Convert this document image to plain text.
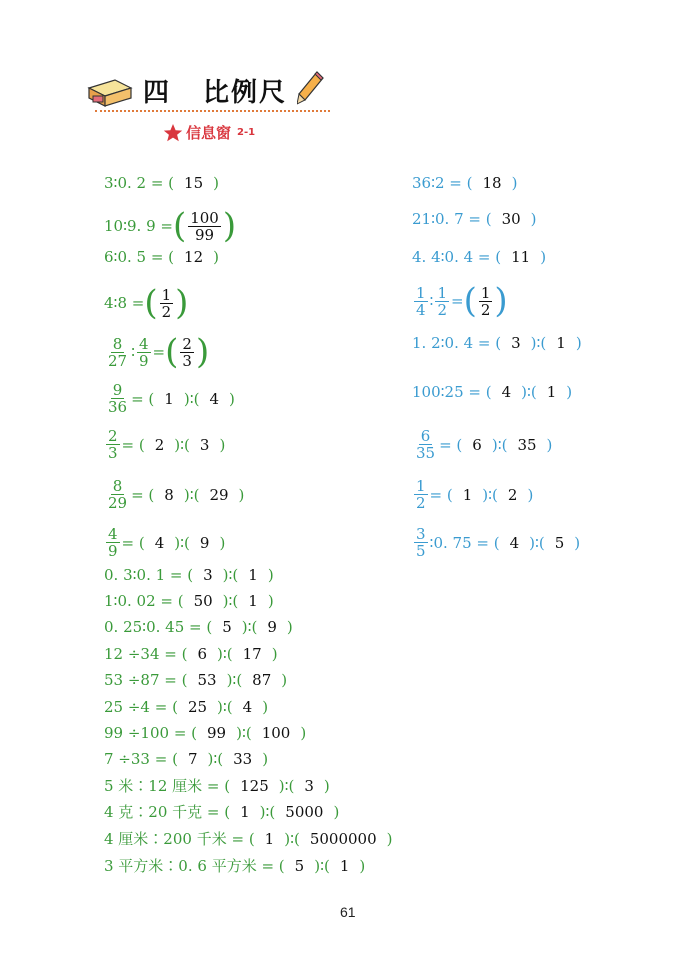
四 比例尺
信息窗 2-1
3∶0. 2 = ( 15 )
10∶9. 9 = ( $\frac{100}{99}$ )
6∶0. 5 = ( 12 )
4∶8 = ( $\frac{1}{2}$ )
$\frac{8}{27}$ ∶ $\frac{4}{9}$ = ( $\frac{2}{3}$ )
$\frac{9}{36}$ = ( 1 )∶( 4 )
$\frac{2}{3}$ = ( 2 )∶( 3 )
$\frac{8}{29}$ = ( 8 )∶( 29 )
$\frac{4}{9}$ = ( 4 )∶( 9 )
0. 3∶0. 1 = ( 3 )∶( 1 )
1∶0. 02 = ( 50 )∶( 1 )
0. 25∶0. 45 = ( 5 )∶( 9 )
12 ÷34 = ( 6 )∶( 17 )
53 ÷87 = ( 53 )∶( 87 )
25 ÷4 = ( 25 )∶( 4 )
99 ÷100 = ( 99 )∶( 100 )
7 ÷33 = ( 7 )∶( 33 )
5 米∶12 厘米 = ( 125 )∶( 3 )
4 克∶20 千克 = ( 1 )∶( 5000 )
4 厘米∶200 千米 = ( 1 )∶( 5000000 )
3 平方米∶0. 6 平方米 = ( 5 )∶( 1 )
36∶2 = ( 18 )
21∶0. 7 = ( 30 )
4. 4∶0. 4 = ( 11 )
$\frac{1}{4}$ ∶ $\frac{1}{2}$ = ( $\frac{1}{2}$ )
1. 2∶0. 4 = ( 3 )∶( 1 )
100∶25 = ( 4 )∶( 1 )
$\frac{6}{35}$ = ( 6 )∶( 35 )
$\frac{1}{2}$ = ( 1 )∶( 2 )
$\frac{3}{5}$ ∶0. 75 = ( 4 )∶( 5 )
61
